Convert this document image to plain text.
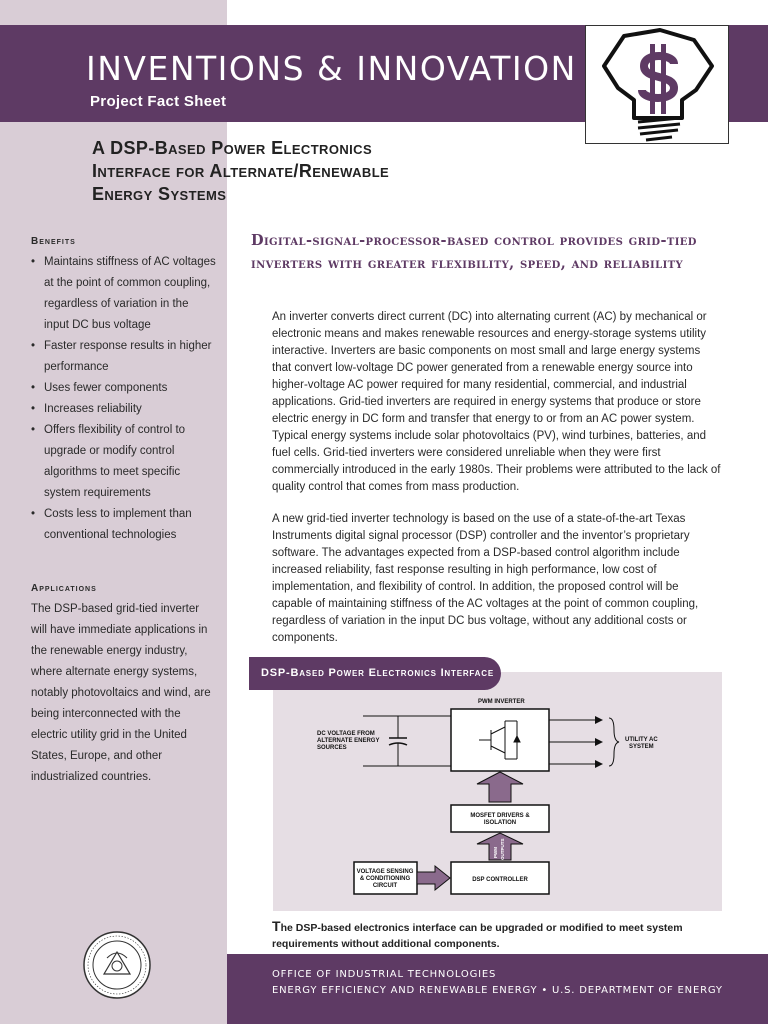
INVENTIONS & INNOVATION
Project Fact Sheet
A DSP-Based Power Electronics
Interface for Alternate/Renewable
Energy Systems
Benefits
• Maintains stiffness of AC voltages at the point of common coupling, regardless of variation in the input DC bus voltage
• Faster response results in higher performance
• Uses fewer components
• Increases reliability
• Offers flexibility of control to upgrade or modify control algorithms to meet specific system requirements
• Costs less to implement than conventional technologies
Applications
The DSP-based grid-tied inverter will have immediate applications in the renewable energy industry, where alternate energy systems, notably photovoltaics and wind, are being interconnected with the electric utility grid in the United States, Europe, and other industrialized countries.
Digital-signal-processor-based control provides grid-tied inverters with greater flexibility, speed, and reliability

An inverter converts direct current (DC) into alternating current (AC) by mechanical or electronic means and makes renewable resources and energy-storage systems utility interactive. Inverters are basic components on most small and large energy systems that convert low-voltage DC power generated from a renewable energy source into higher-voltage AC power required for many residential, commercial, and industrial applications. Grid-tied inverters are required in energy systems that produce or store electric energy in DC form and transfer that energy to or from an AC power system. Typical energy systems include solar photovoltaics (PV), wind turbines, batteries, and fuel cells. Grid-tied inverters were considered unreliable when they were first commercially introduced in the early 1980s. Their problems were attributed to the lack of quality control that comes from mass production.

A new grid-tied inverter technology is based on the use of a state-of-the-art Texas Instruments digital signal processor (DSP) controller and the inventor’s proprietary software. The advantages expected from a DSP-based control algorithm include increased reliability, fast response resulting in high performance, low cost of implementation, and flexibility of control. In addition, the proposed control will be capable of maintaining stiffness of the AC voltages at the point of common coupling, regardless of variation in the input DC bus voltage, without any additional costs or components.

DSP-Based Power Electronics Interface
DC VOLTAGE FROM
ALTERNATE ENERGY
SOURCES
PWM INVERTER
UTILITY AC
SYSTEM
MOSFET DRIVERS &
ISOLATION
PWM OUTPUTS
DSP CONTROLLER
VOLTAGE SENSING
& CONDITIONING
CIRCUIT
The DSP-based electronics interface can be upgraded or modified to meet system requirements without additional components.
OFFICE OF INDUSTRIAL TECHNOLOGIES
ENERGY EFFICIENCY AND RENEWABLE ENERGY • U.S. DEPARTMENT OF ENERGY
